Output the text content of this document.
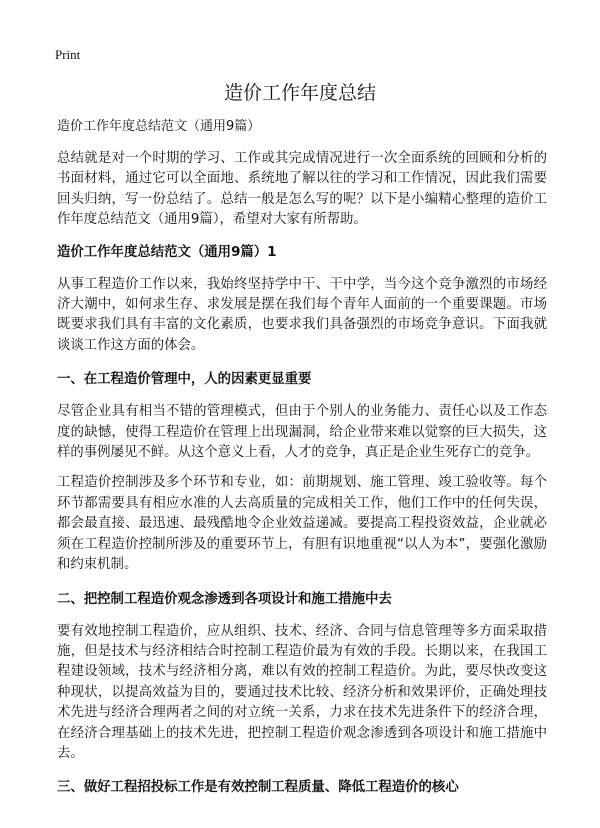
Print
造价工作年度总结
造价工作年度总结范文（通用9篇）

总结就是对一个时期的学习、工作或其完成情况进行一次全面系统的回顾和分析的书面材料，通过它可以全面地、系统地了解以往的学习和工作情况，因此我们需要回头归纳，写一份总结了。总结一般是怎么写的呢？以下是小编精心整理的造价工作年度总结范文（通用9篇），希望对大家有所帮助。

造价工作年度总结范文（通用9篇）1

从事工程造价工作以来，我始终坚持学中干、干中学，当今这个竞争激烈的市场经济大潮中，如何求生存、求发展是摆在我们每个青年人面前的一个重要课题。市场既要求我们具有丰富的文化素质，也要求我们具备强烈的市场竞争意识。下面我就谈谈工作这方面的体会。

一、在工程造价管理中，人的因素更显重要

尽管企业具有相当不错的管理模式，但由于个别人的业务能力、责任心以及工作态度的缺憾，使得工程造价在管理上出现漏洞，给企业带来难以觉察的巨大损失，这样的事例屡见不鲜。从这个意义上看，人才的竞争，真正是企业生死存亡的竞争。

工程造价控制涉及多个环节和专业，如：前期规划、施工管理、竣工验收等。每个环节都需要具有相应水准的人去高质量的完成相关工作，他们工作中的任何失误，都会最直接、最迅速、最残酷地令企业效益递减。要提高工程投资效益，企业就必须在工程造价控制所涉及的重要环节上，有胆有识地重视“以人为本”，要强化激励和约束机制。

二、把控制工程造价观念渗透到各项设计和施工措施中去

要有效地控制工程造价，应从组织、技术、经济、合同与信息管理等多方面采取措施，但是技术与经济相结合时控制工程造价最为有效的手段。长期以来，在我国工程建设领域，技术与经济相分离，难以有效的控制工程造价。为此，要尽快改变这种现状，以提高效益为目的，要通过技术比较、经济分析和效果评价，正确处理技术先进与经济合理两者之间的对立统一关系，力求在技术先进条件下的经济合理，在经济合理基础上的技术先进，把控制工程造价观念渗透到各项设计和施工措施中去。

三、做好工程招投标工作是有效控制工程质量、降低工程造价的核心
